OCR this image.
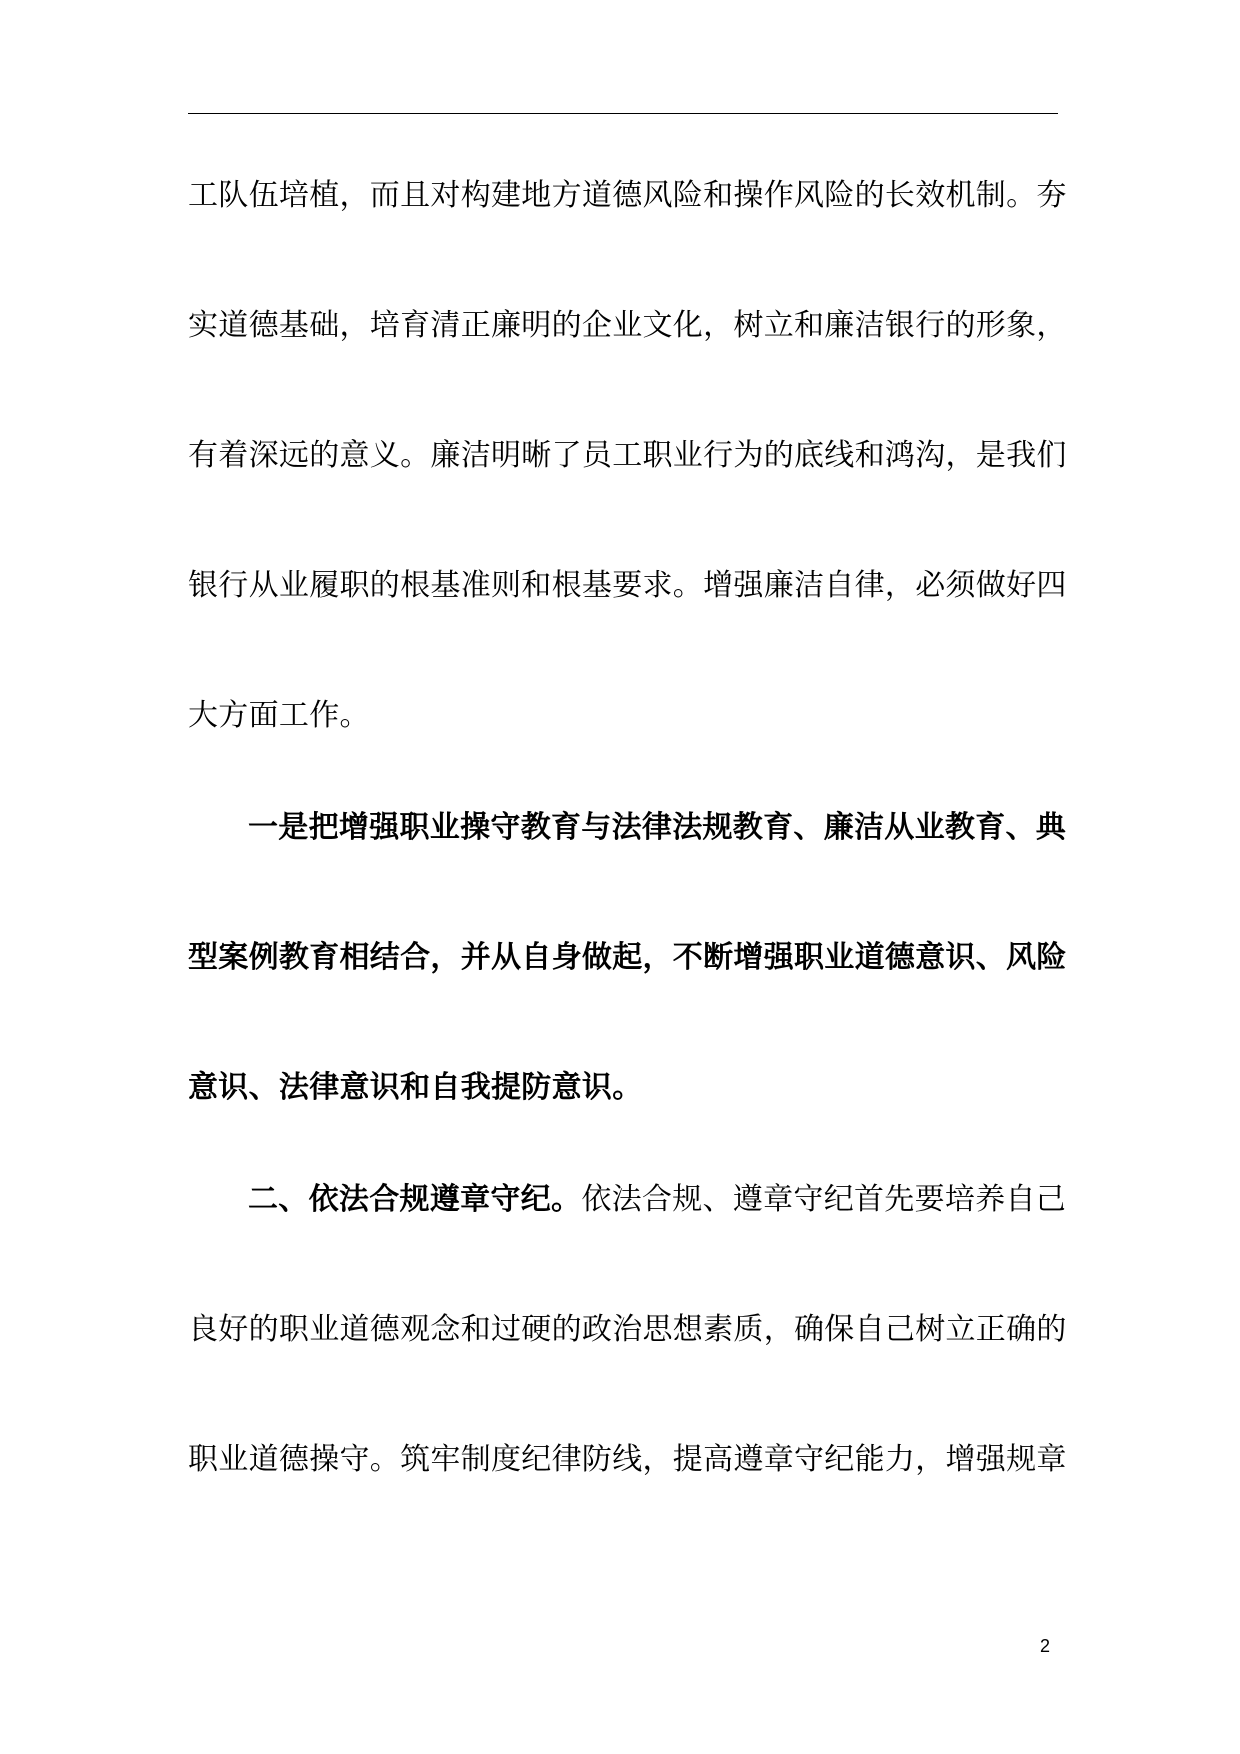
工队伍培植，而且对构建地方道德风险和操作风险的长效机制。夯
实道德基础，培育清正廉明的企业文化，树立和廉洁银行的形象，
有着深远的意义。廉洁明晰了员工职业行为的底线和鸿沟，是我们
银行从业履职的根基准则和根基要求。增强廉洁自律，必须做好四
大方面工作。
一是把增强职业操守教育与法律法规教育、廉洁从业教育、典
型案例教育相结合，并从自身做起，不断增强职业道德意识、风险
意识、法律意识和自我提防意识。
二、依法合规遵章守纪。依法合规、遵章守纪首先要培养自己
良好的职业道德观念和过硬的政治思想素质，确保自己树立正确的
职业道德操守。筑牢制度纪律防线，提高遵章守纪能力，增强规章
2
